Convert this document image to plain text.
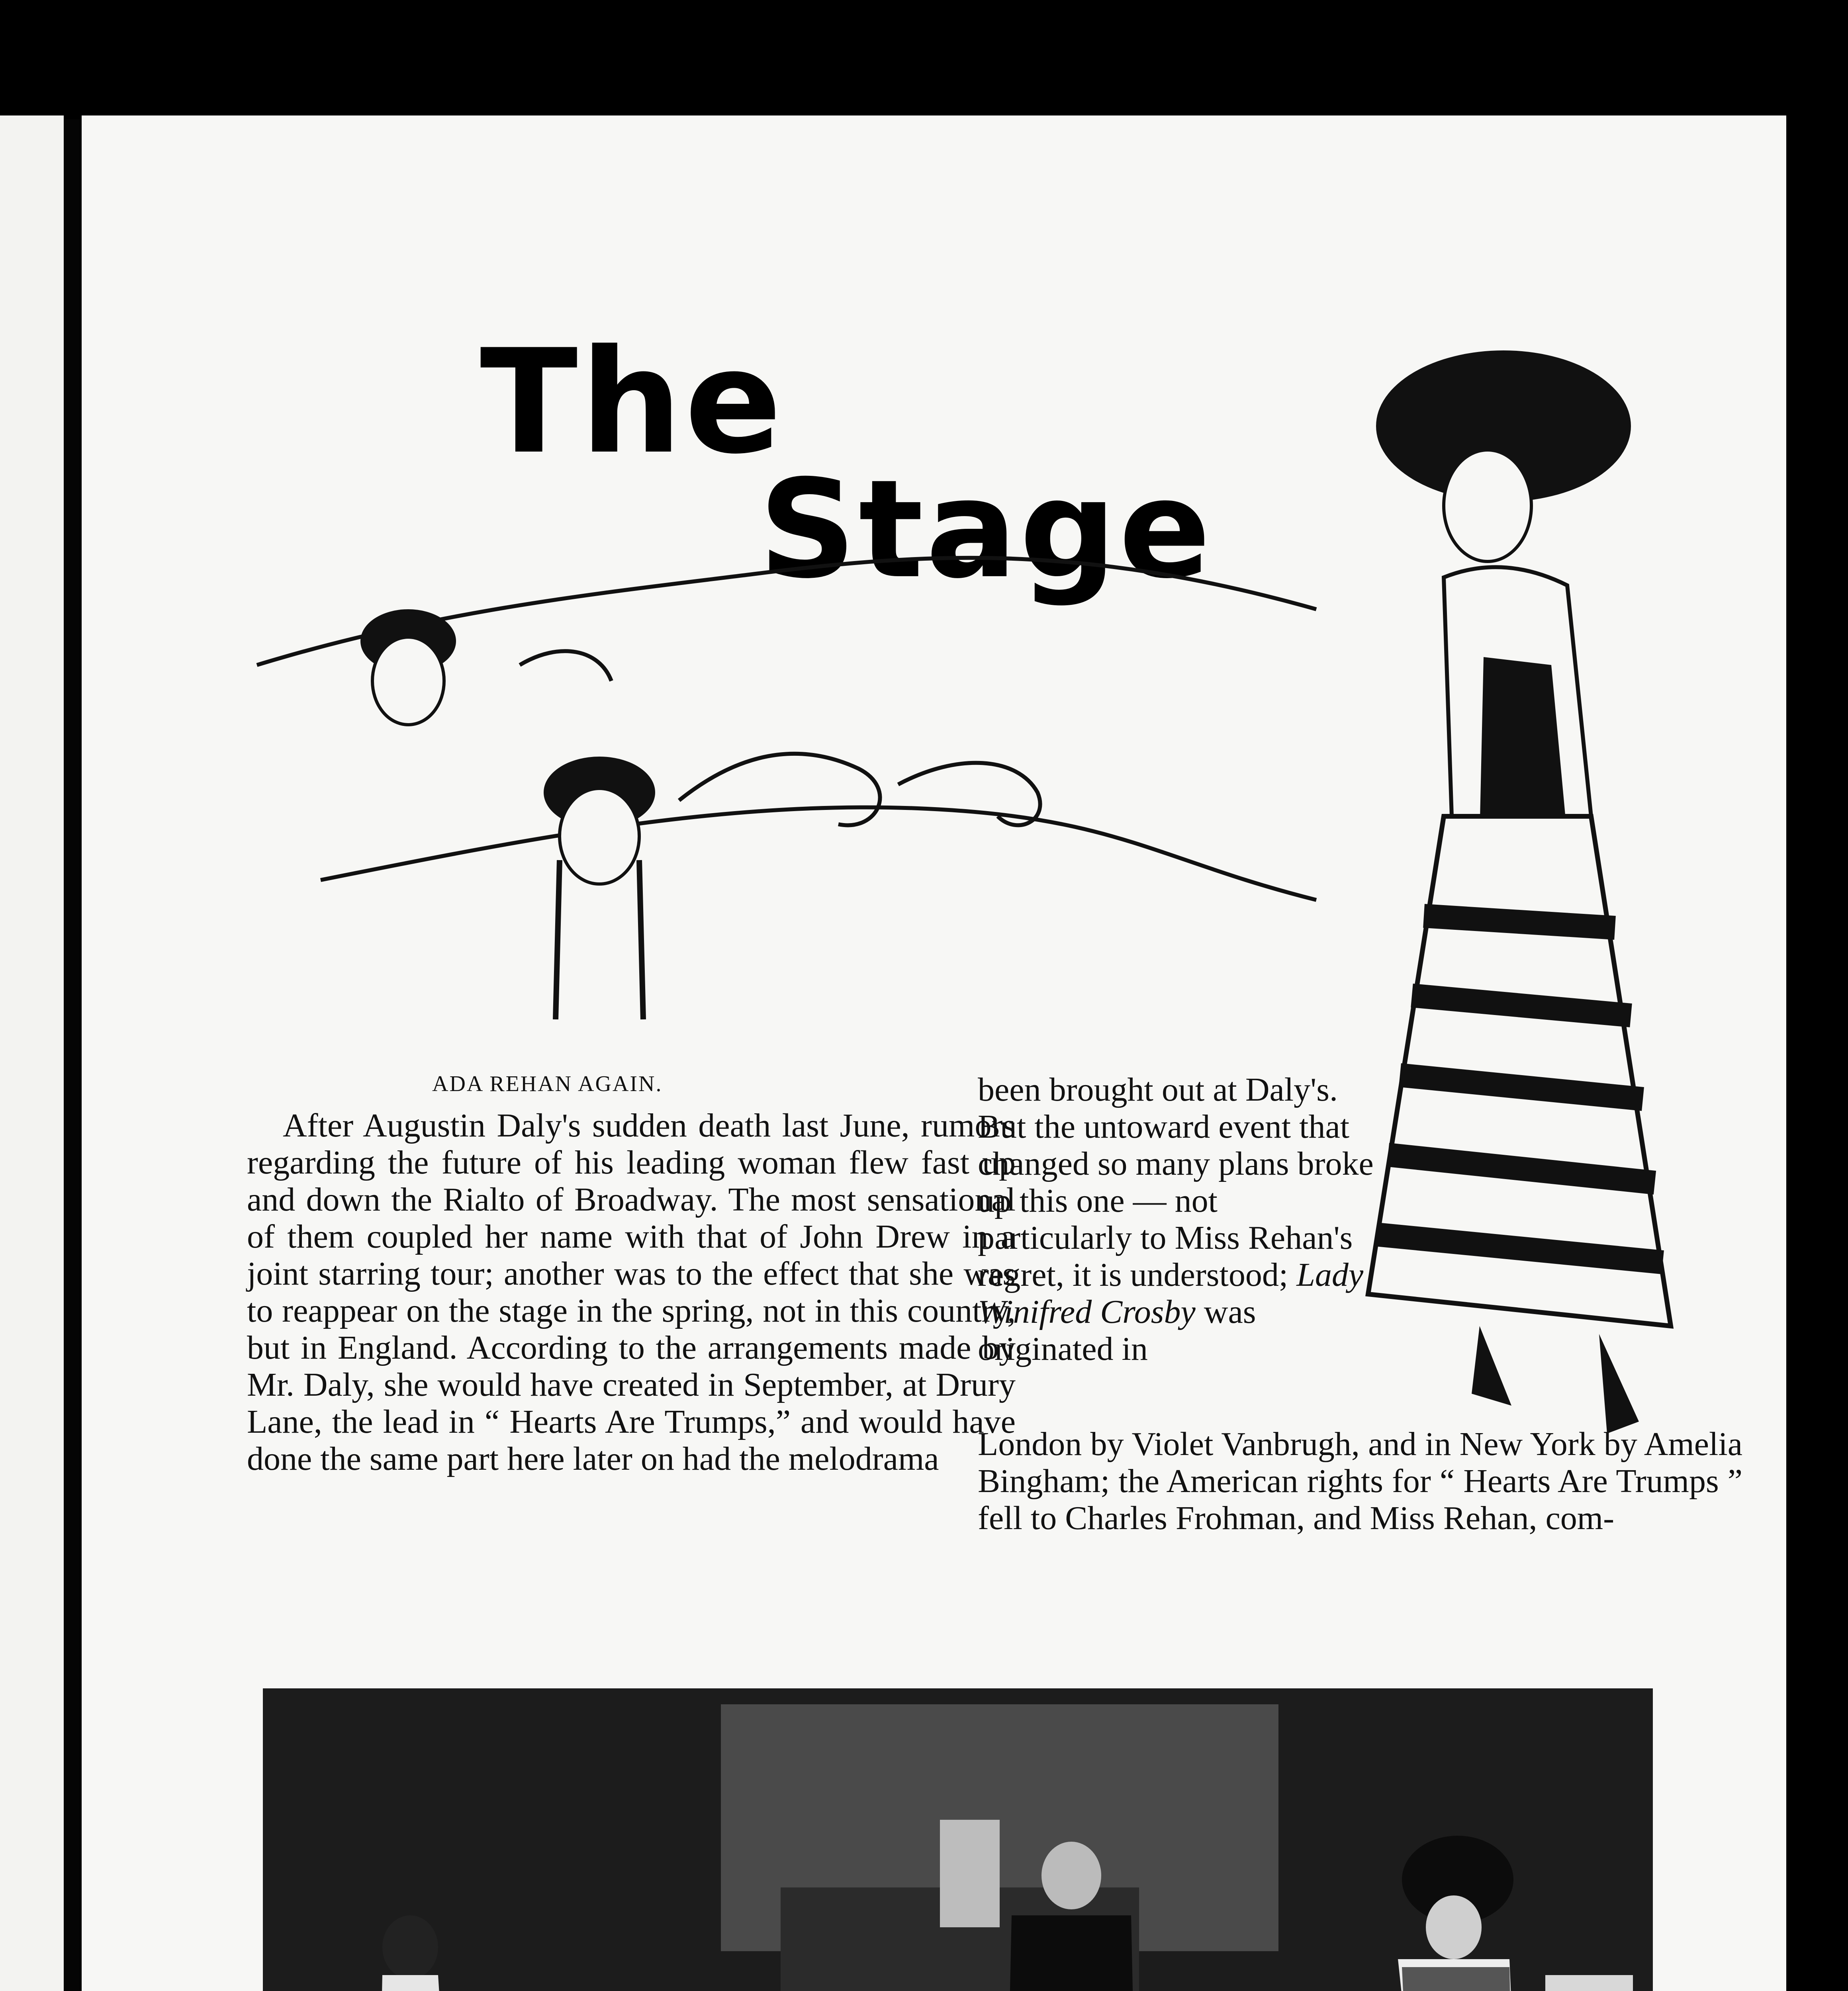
The
Stage
ADA REHAN AGAIN.

After Augustin Daly's sudden death last June, rumors regarding the future of his leading woman flew fast up and down the Rialto of Broadway. The most sensational of them coupled her name with that of John Drew in a joint starring tour; another was to the effect that she was to reappear on the stage in the spring, not in this country, but in England. According to the arrangements made by Mr. Daly, she would have created in September, at Drury Lane, the lead in “ Hearts Are Trumps,” and would have done the same part here later on had the melodrama

been brought out at Daly's. But the untoward event that changed so many plans broke up this one — not particularly to Miss Rehan's regret, it is understood; Lady Winifred Crosby was originated in
London by Violet Vanbrugh, and in New York by Amelia Bingham; the American rights for “ Hearts Are Trumps ” fell to Charles Frohman, and Miss Rehan, com-
